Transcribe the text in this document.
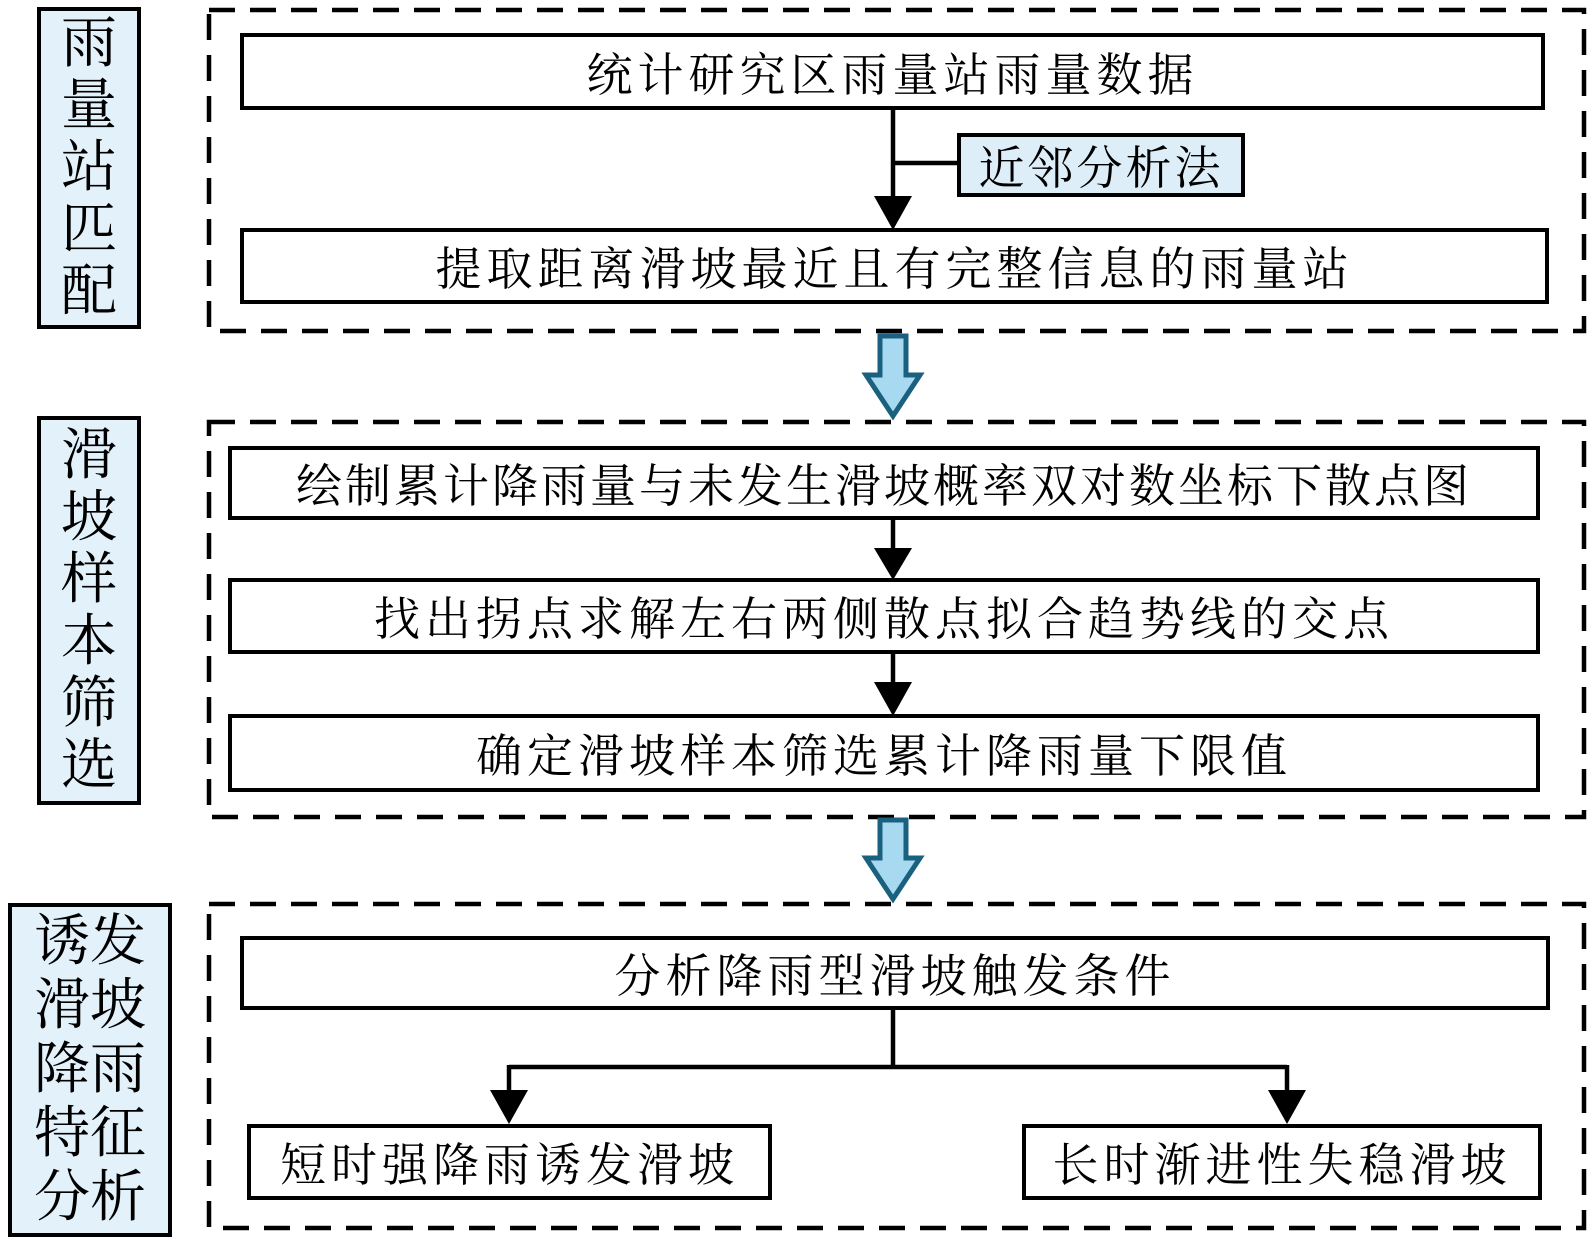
雨量站匹配
滑坡样本筛选
诱发滑坡降雨特征分析
统计研究区雨量站雨量数据
近邻分析法
提取距离滑坡最近且有完整信息的雨量站
绘制累计降雨量与未发生滑坡概率双对数坐标下散点图
找出拐点求解左右两侧散点拟合趋势线的交点
确定滑坡样本筛选累计降雨量下限值
分析降雨型滑坡触发条件
短时强降雨诱发滑坡	长时渐进性失稳滑坡
